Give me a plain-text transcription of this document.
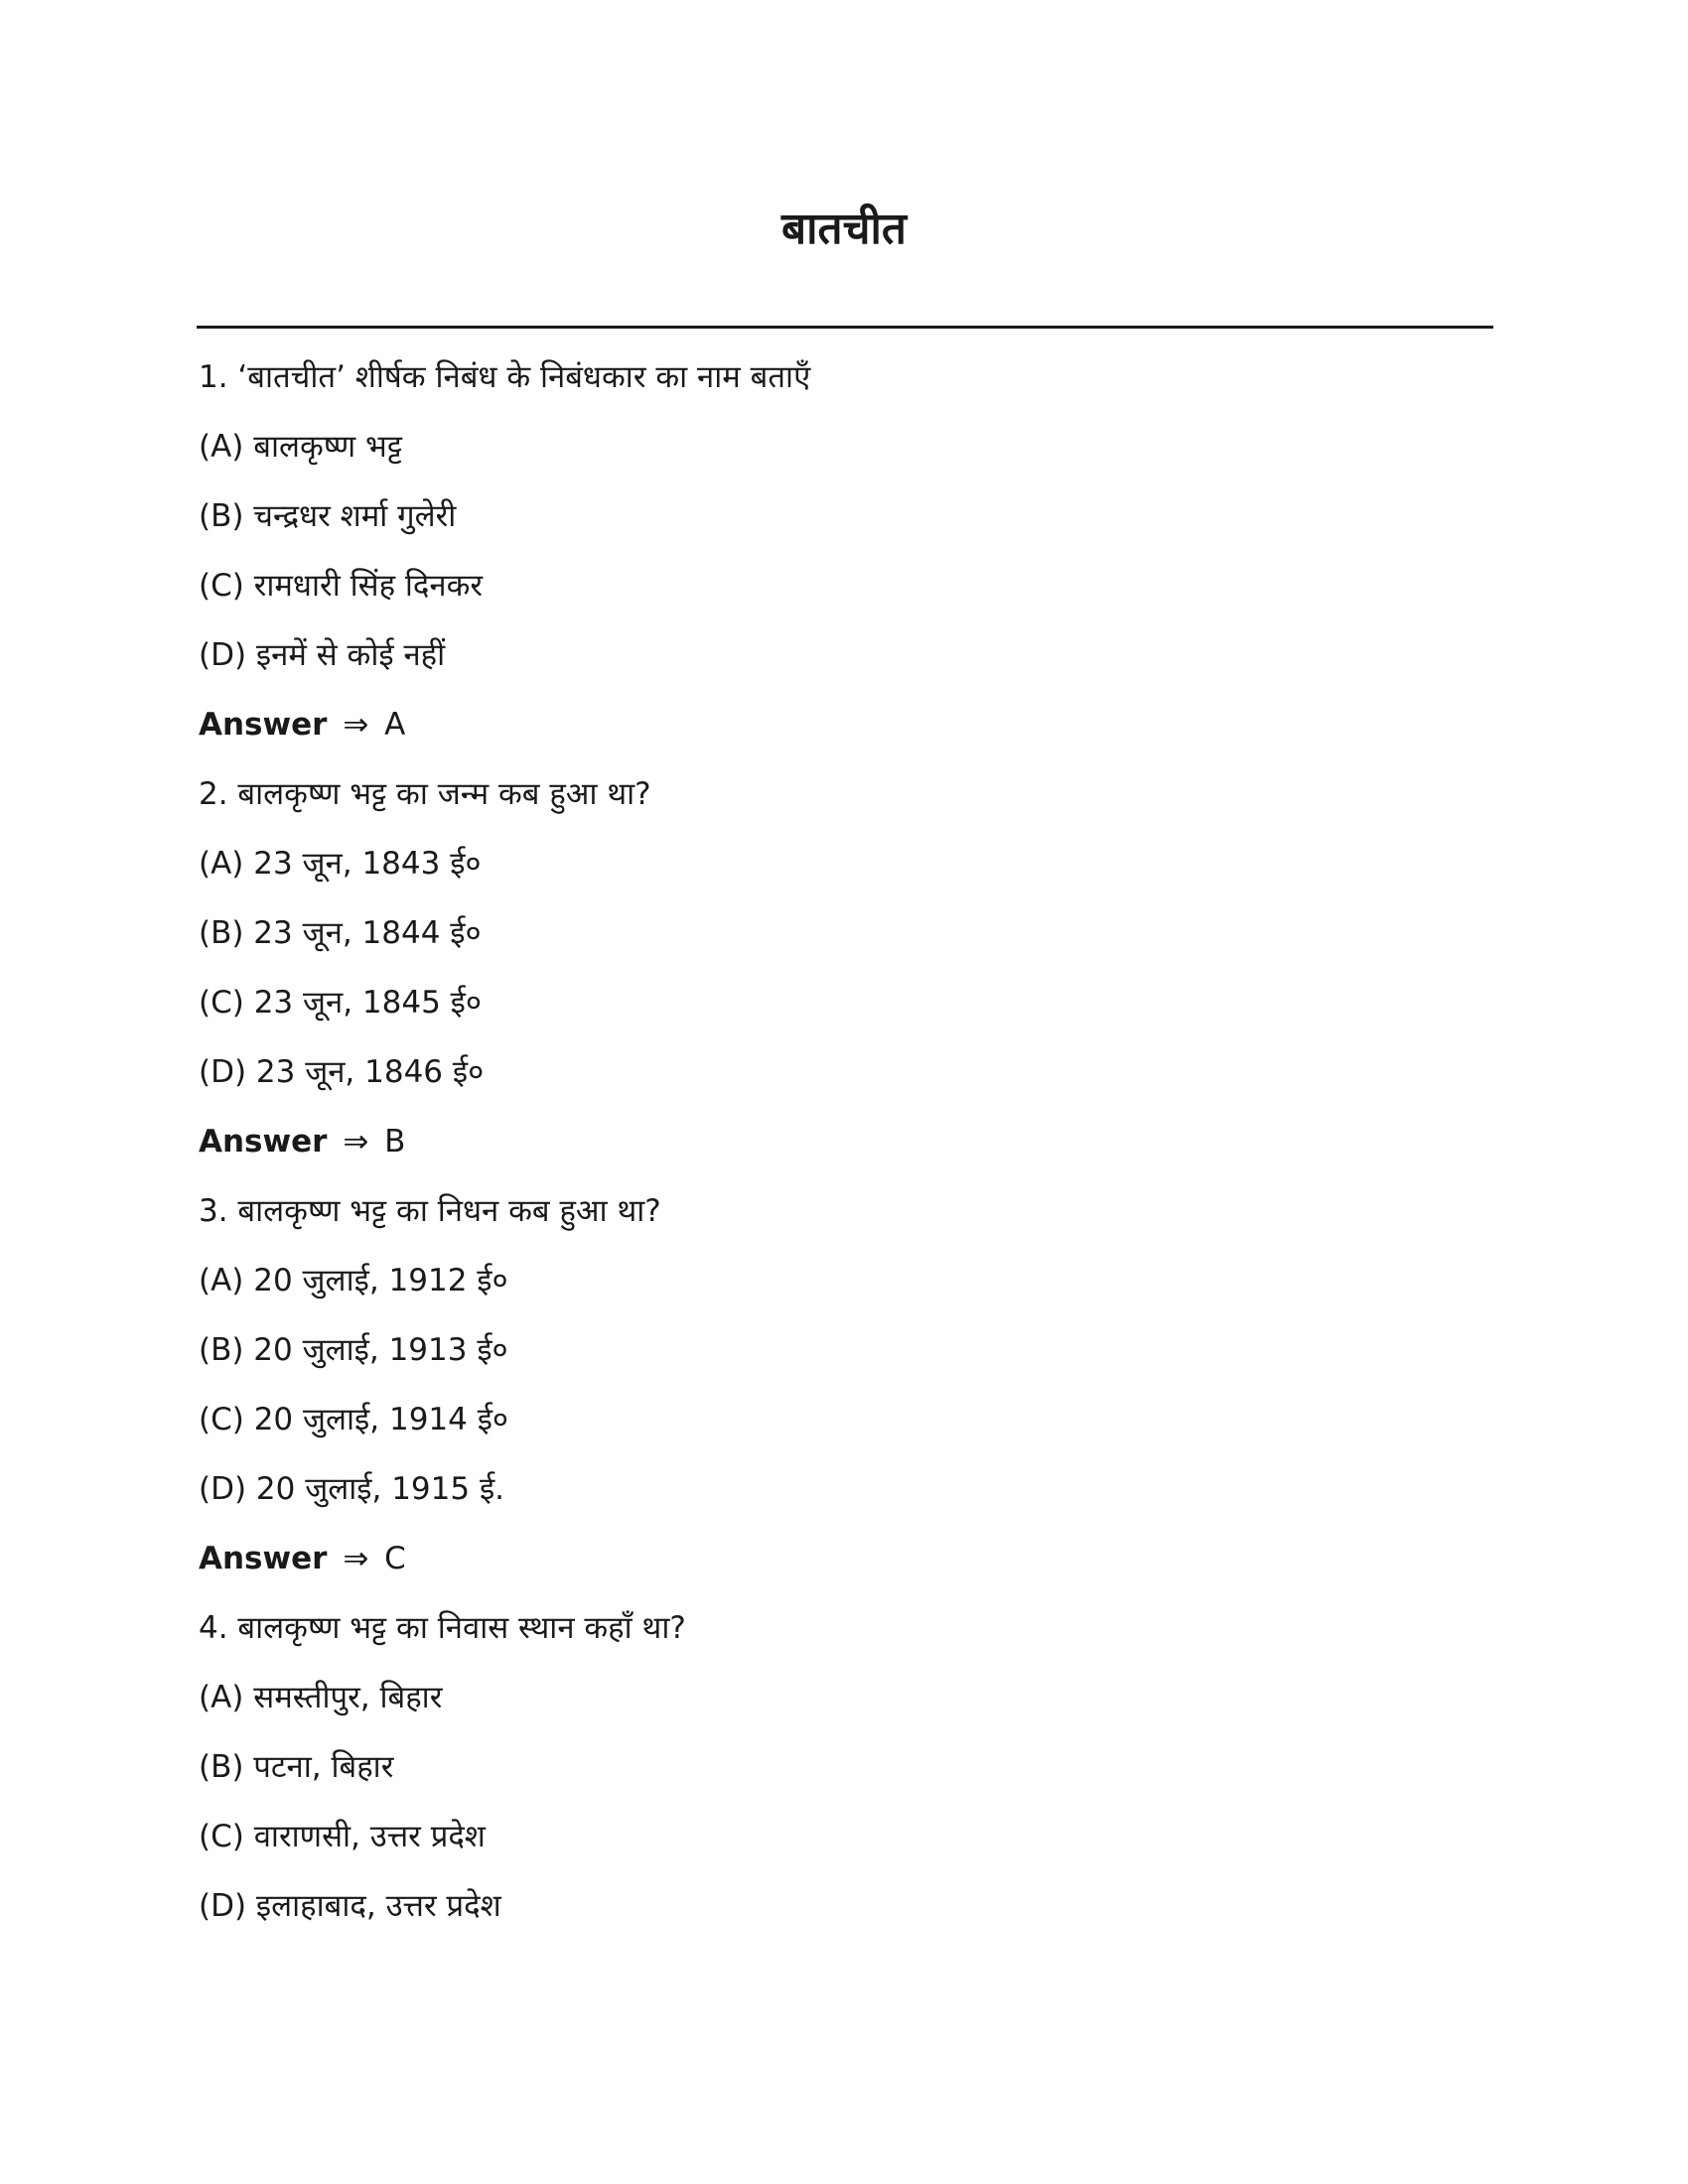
बातचीत
1. ‘बातचीत’ शीर्षक निबंध के निबंधकार का नाम बताएँ
(A) बालकृष्ण भट्ट
(B) चन्द्रधर शर्मा गुलेरी
(C) रामधारी सिंह दिनकर
(D) इनमें से कोई नहीं
Answer ⇒ A
2. बालकृष्ण भट्ट का जन्म कब हुआ था?
(A) 23 जून, 1843 ई०
(B) 23 जून, 1844 ई०
(C) 23 जून, 1845 ई०
(D) 23 जून, 1846 ई०
Answer ⇒ B
3. बालकृष्ण भट्ट का निधन कब हुआ था?
(A) 20 जुलाई, 1912 ई०
(B) 20 जुलाई, 1913 ई०
(C) 20 जुलाई, 1914 ई०
(D) 20 जुलाई, 1915 ई.
Answer ⇒ C
4. बालकृष्ण भट्ट का निवास स्थान कहाँ था?
(A) समस्तीपुर, बिहार
(B) पटना, बिहार
(C) वाराणसी, उत्तर प्रदेश
(D) इलाहाबाद, उत्तर प्रदेश
